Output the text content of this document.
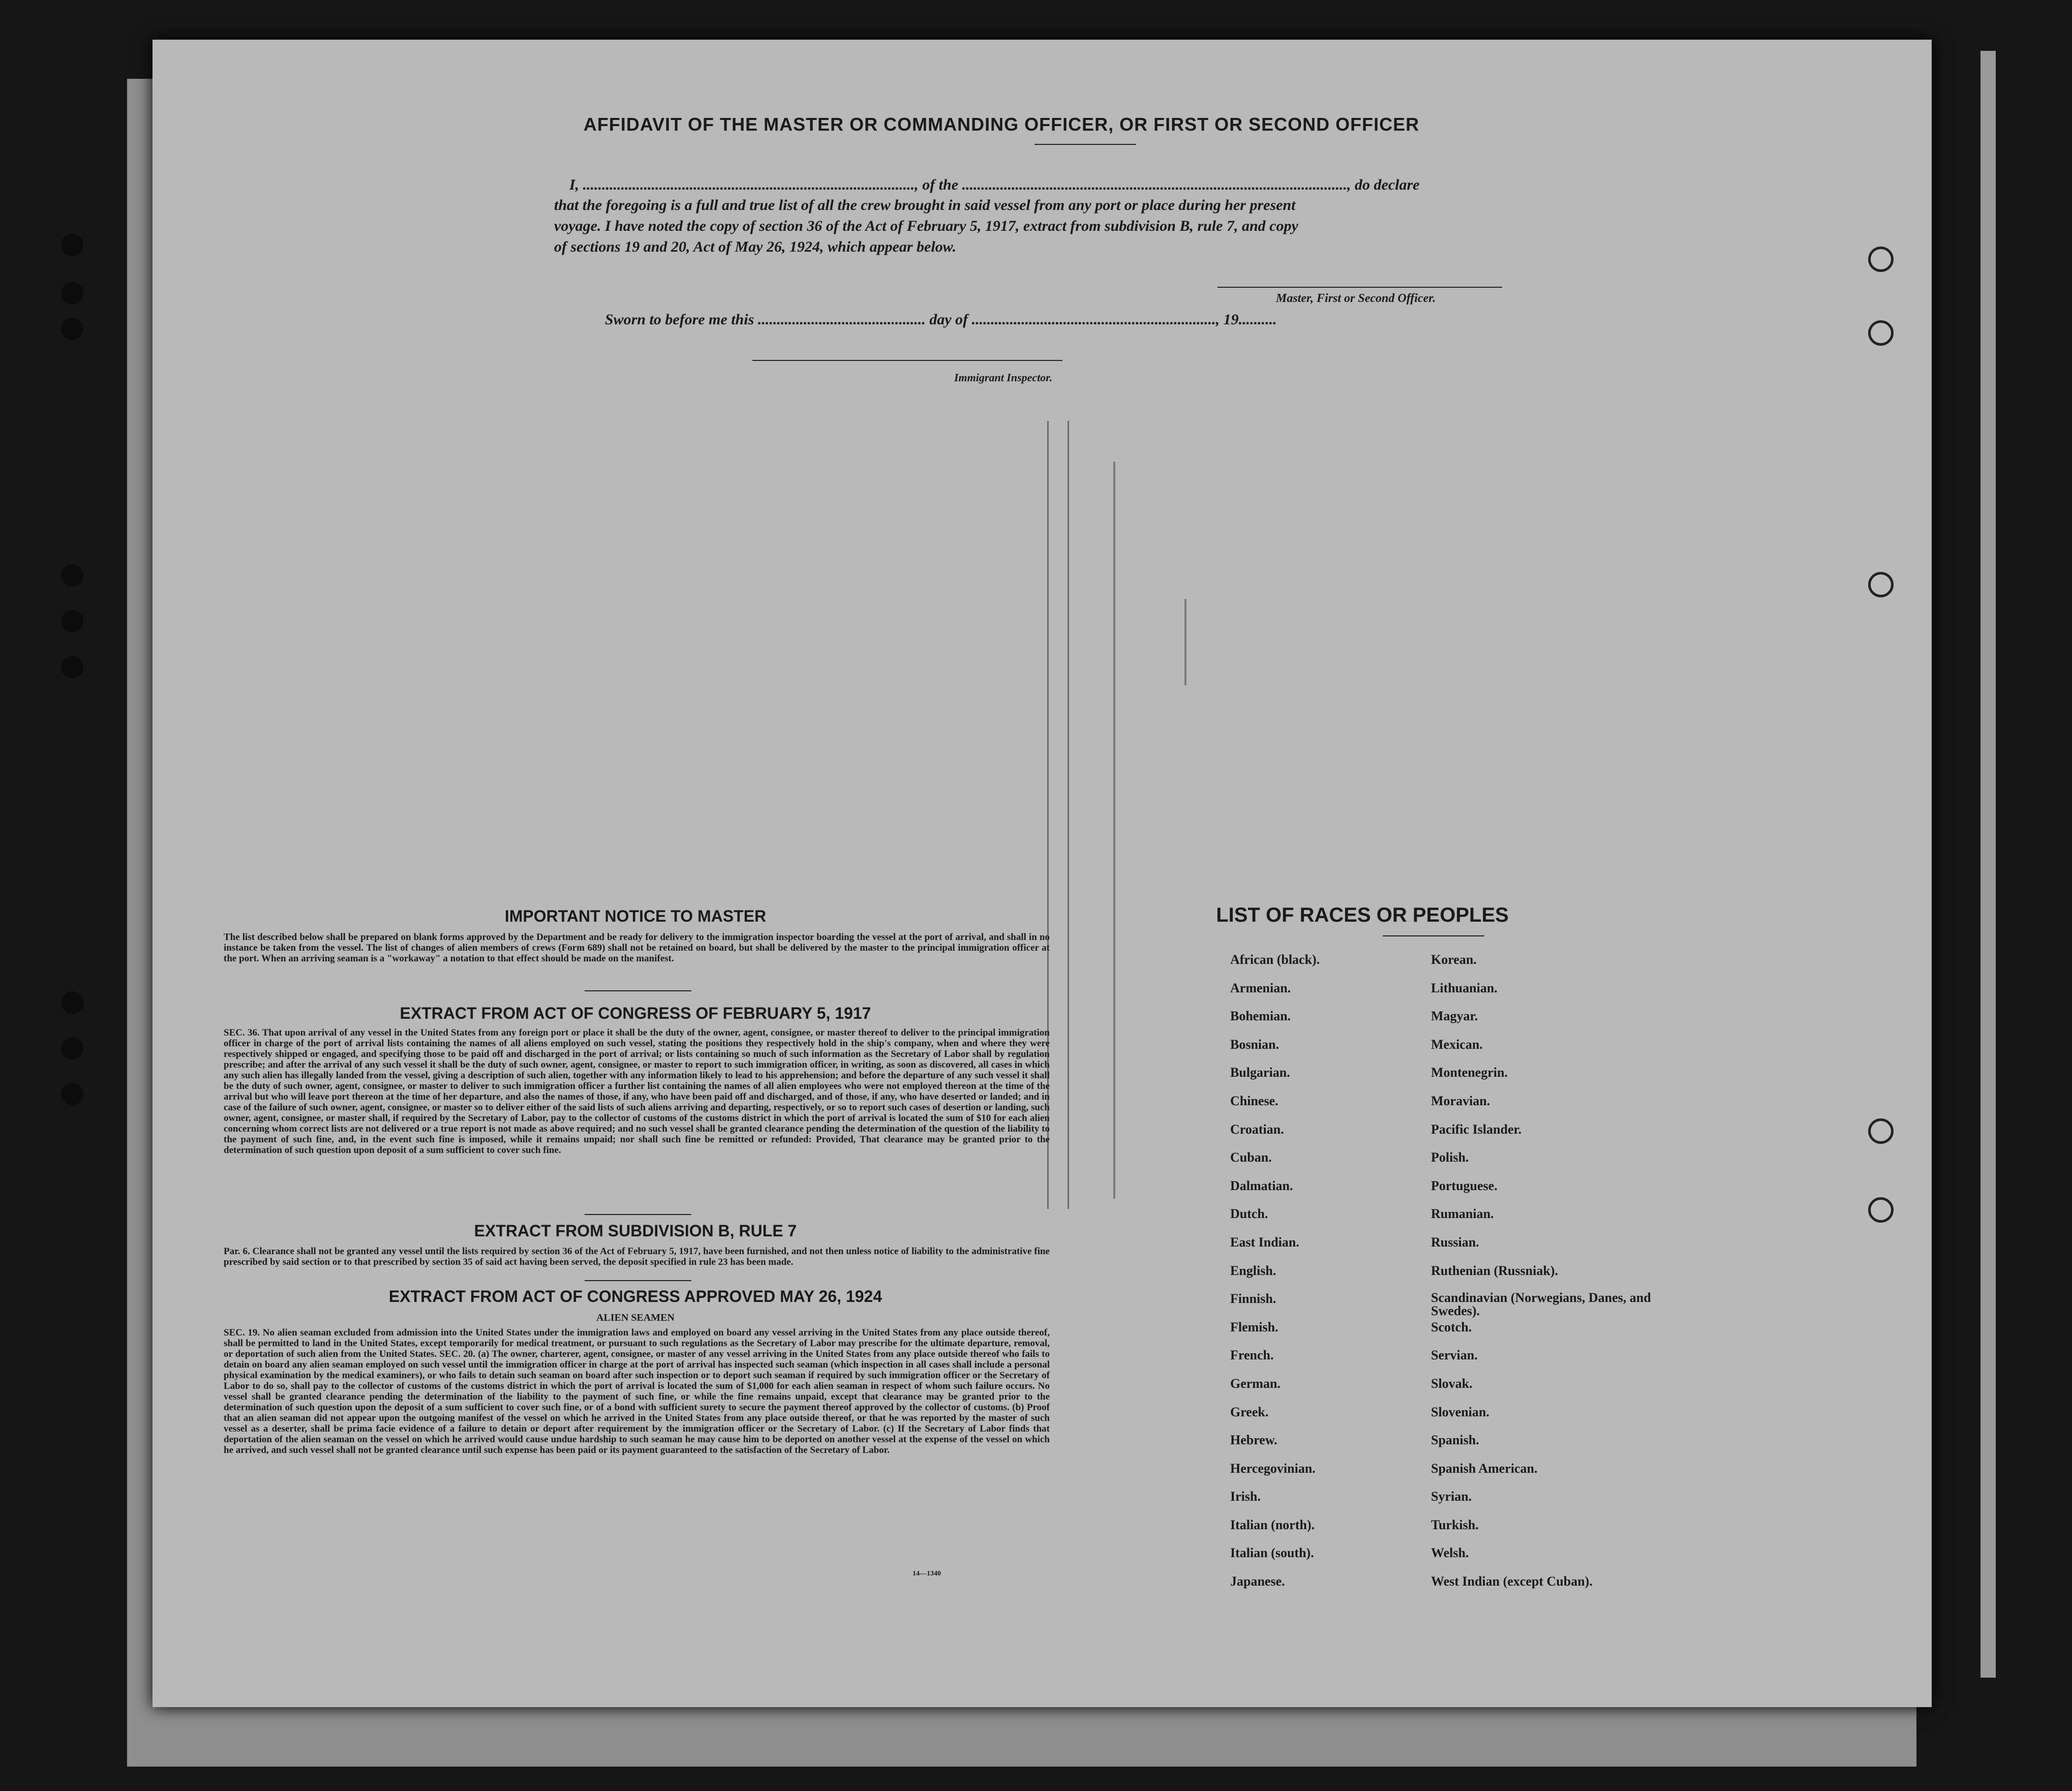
AFFIDAVIT OF THE MASTER OR COMMANDING OFFICER, OR FIRST OR SECOND OFFICER
I, ......................................................................................., of the ....................................................................................................., do declare
that the foregoing is a full and true list of all the crew brought in said vessel from any port or place during her present
voyage. I have noted the copy of section 36 of the Act of February 5, 1917, extract from subdivision B, rule 7, and copy
of sections 19 and 20, Act of May 26, 1924, which appear below.
Master, First or Second Officer.
Sworn to before me this ............................................ day of ................................................................, 19..........
Immigrant Inspector.
IMPORTANT NOTICE TO MASTER
The list described below shall be prepared on blank forms approved by the Department and be ready for delivery to the immigration inspector boarding the vessel at the port of arrival, and shall in no instance be taken from the vessel. The list of changes of alien members of crews (Form 689) shall not be retained on board, but shall be delivered by the master to the principal immigration officer at the port. When an arriving seaman is a "workaway" a notation to that effect should be made on the manifest.
EXTRACT FROM ACT OF CONGRESS OF FEBRUARY 5, 1917
SEC. 36. That upon arrival of any vessel in the United States from any foreign port or place it shall be the duty of the owner, agent, consignee, or master thereof to deliver to the principal immigration officer in charge of the port of arrival lists containing the names of all aliens employed on such vessel, stating the positions they respectively hold in the ship's company, when and where they were respectively shipped or engaged, and specifying those to be paid off and discharged in the port of arrival; or lists containing so much of such information as the Secretary of Labor shall by regulation prescribe; and after the arrival of any such vessel it shall be the duty of such owner, agent, consignee, or master to report to such immigration officer, in writing, as soon as discovered, all cases in which any such alien has illegally landed from the vessel, giving a description of such alien, together with any information likely to lead to his apprehension; and before the departure of any such vessel it shall be the duty of such owner, agent, consignee, or master to deliver to such immigration officer a further list containing the names of all alien employees who were not employed thereon at the time of the arrival but who will leave port thereon at the time of her departure, and also the names of those, if any, who have been paid off and discharged, and of those, if any, who have deserted or landed; and in case of the failure of such owner, agent, consignee, or master so to deliver either of the said lists of such aliens arriving and departing, respectively, or so to report such cases of desertion or landing, such owner, agent, consignee, or master shall, if required by the Secretary of Labor, pay to the collector of customs of the customs district in which the port of arrival is located the sum of $10 for each alien concerning whom correct lists are not delivered or a true report is not made as above required; and no such vessel shall be granted clearance pending the determination of the question of the liability to the payment of such fine, and, in the event such fine is imposed, while it remains unpaid; nor shall such fine be remitted or refunded: Provided, That clearance may be granted prior to the determination of such question upon deposit of a sum sufficient to cover such fine.
EXTRACT FROM SUBDIVISION B, RULE 7
Par. 6. Clearance shall not be granted any vessel until the lists required by section 36 of the Act of February 5, 1917, have been furnished, and not then unless notice of liability to the administrative fine prescribed by said section or to that prescribed by section 35 of said act having been served, the deposit specified in rule 23 has been made.
EXTRACT FROM ACT OF CONGRESS APPROVED MAY 26, 1924
ALIEN SEAMEN
SEC. 19. No alien seaman excluded from admission into the United States under the immigration laws and employed on board any vessel arriving in the United States from any place outside thereof, shall be permitted to land in the United States, except temporarily for medical treatment, or pursuant to such regulations as the Secretary of Labor may prescribe for the ultimate departure, removal, or deportation of such alien from the United States. SEC. 20. (a) The owner, charterer, agent, consignee, or master of any vessel arriving in the United States from any place outside thereof who fails to detain on board any alien seaman employed on such vessel until the immigration officer in charge at the port of arrival has inspected such seaman (which inspection in all cases shall include a personal physical examination by the medical examiners), or who fails to detain such seaman on board after such inspection or to deport such seaman if required by such immigration officer or the Secretary of Labor to do so, shall pay to the collector of customs of the customs district in which the port of arrival is located the sum of $1,000 for each alien seaman in respect of whom such failure occurs. No vessel shall be granted clearance pending the determination of the liability to the payment of such fine, or while the fine remains unpaid, except that clearance may be granted prior to the determination of such question upon the deposit of a sum sufficient to cover such fine, or of a bond with sufficient surety to secure the payment thereof approved by the collector of customs. (b) Proof that an alien seaman did not appear upon the outgoing manifest of the vessel on which he arrived in the United States from any place outside thereof, or that he was reported by the master of such vessel as a deserter, shall be prima facie evidence of a failure to detain or deport after requirement by the immigration officer or the Secretary of Labor. (c) If the Secretary of Labor finds that deportation of the alien seaman on the vessel on which he arrived would cause undue hardship to such seaman he may cause him to be deported on another vessel at the expense of the vessel on which he arrived, and such vessel shall not be granted clearance until such expense has been paid or its payment guaranteed to the satisfaction of the Secretary of Labor.
14—1340
LIST OF RACES OR PEOPLES
African (black).
Armenian.
Bohemian.
Bosnian.
Bulgarian.
Chinese.
Croatian.
Cuban.
Dalmatian.
Dutch.
East Indian.
English.
Finnish.
Flemish.
French.
German.
Greek.
Hebrew.
Hercegovinian.
Irish.
Italian (north).
Italian (south).
Japanese.
Korean.
Lithuanian.
Magyar.
Mexican.
Montenegrin.
Moravian.
Pacific Islander.
Polish.
Portuguese.
Rumanian.
Russian.
Ruthenian (Russniak).
Scandinavian (Norwegians, Danes, and Swedes).
Scotch.
Servian.
Slovak.
Slovenian.
Spanish.
Spanish American.
Syrian.
Turkish.
Welsh.
West Indian (except Cuban).
